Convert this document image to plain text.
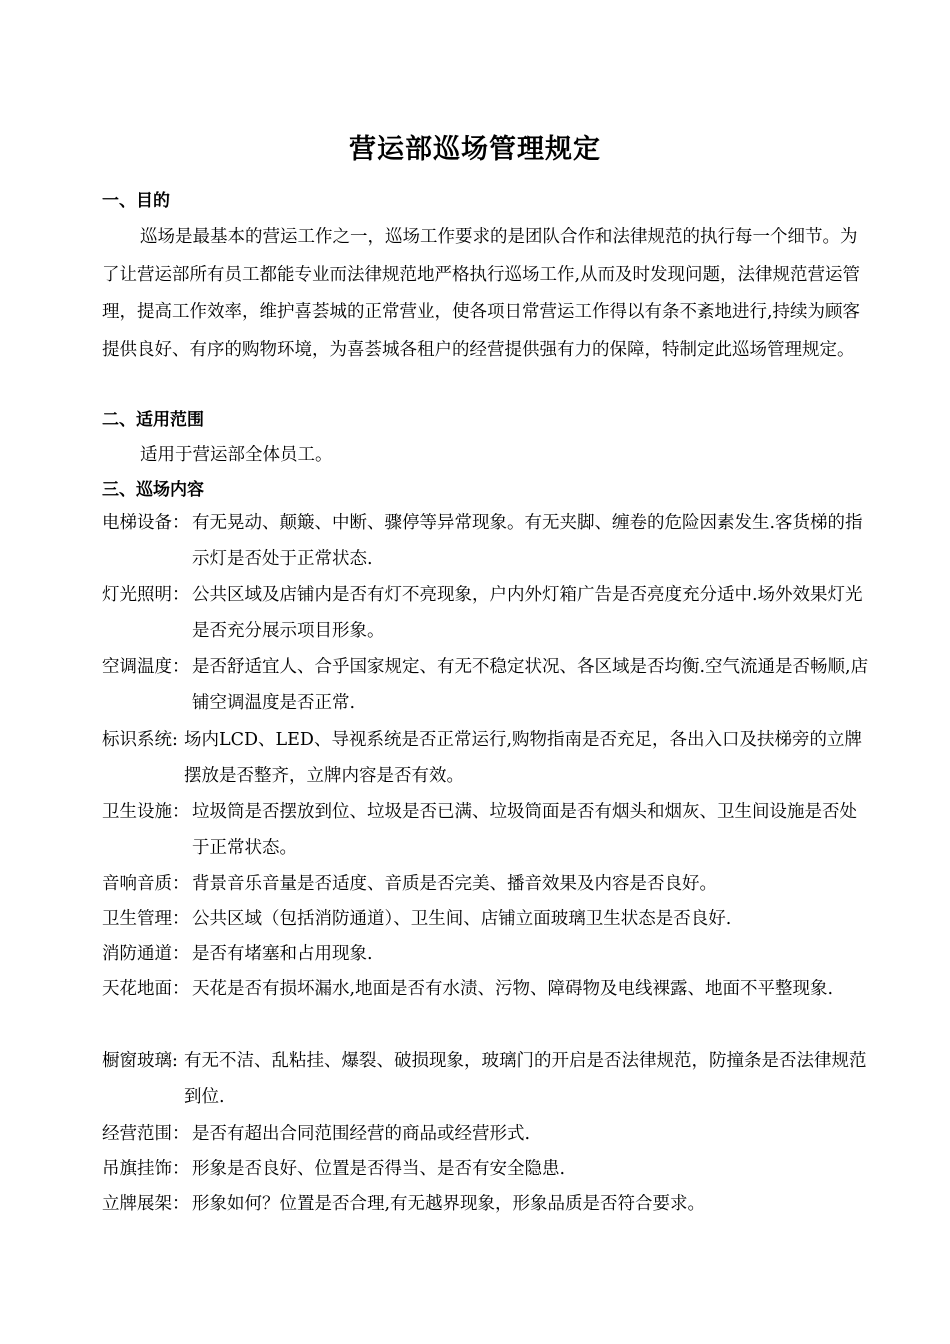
营运部巡场管理规定
一、目的
巡场是最基本的营运工作之一，巡场工作要求的是团队合作和法律规范的执行每一个细节。为了让营运部所有员工都能专业而法律规范地严格执行巡场工作,从而及时发现问题，法律规范营运管理，提高工作效率，维护喜荟城的正常营业，使各项日常营运工作得以有条不紊地进行,持续为顾客提供良好、有序的购物环境，为喜荟城各租户的经营提供强有力的保障，特制定此巡场管理规定。
二、适用范围
适用于营运部全体员工。
三、巡场内容
电梯设备： 有无晃动、颠簸、中断、骤停等异常现象。有无夹脚、缠卷的危险因素发生.客货梯的指示灯是否处于正常状态.
灯光照明： 公共区域及店铺内是否有灯不亮现象，户内外灯箱广告是否亮度充分适中.场外效果灯光是否充分展示项目形象。
空调温度： 是否舒适宜人、合乎国家规定、有无不稳定状况、各区域是否均衡.空气流通是否畅顺,店铺空调温度是否正常.
标识系统: 场内LCD、LED、导视系统是否正常运行,购物指南是否充足，各出入口及扶梯旁的立牌摆放是否整齐，立牌内容是否有效。
卫生设施： 垃圾筒是否摆放到位、垃圾是否已满、垃圾筒面是否有烟头和烟灰、卫生间设施是否处于正常状态。
音响音质： 背景音乐音量是否适度、音质是否完美、播音效果及内容是否良好。
卫生管理： 公共区域（包括消防通道）、卫生间、店铺立面玻璃卫生状态是否良好.
消防通道： 是否有堵塞和占用现象.
天花地面： 天花是否有损坏漏水,地面是否有水渍、污物、障碍物及电线裸露、地面不平整现象.
橱窗玻璃: 有无不洁、乱粘挂、爆裂、破损现象，玻璃门的开启是否法律规范，防撞条是否法律规范到位.
经营范围： 是否有超出合同范围经营的商品或经营形式.
吊旗挂饰： 形象是否良好、位置是否得当、是否有安全隐患.
立牌展架： 形象如何？位置是否合理,有无越界现象，形象品质是否符合要求。
